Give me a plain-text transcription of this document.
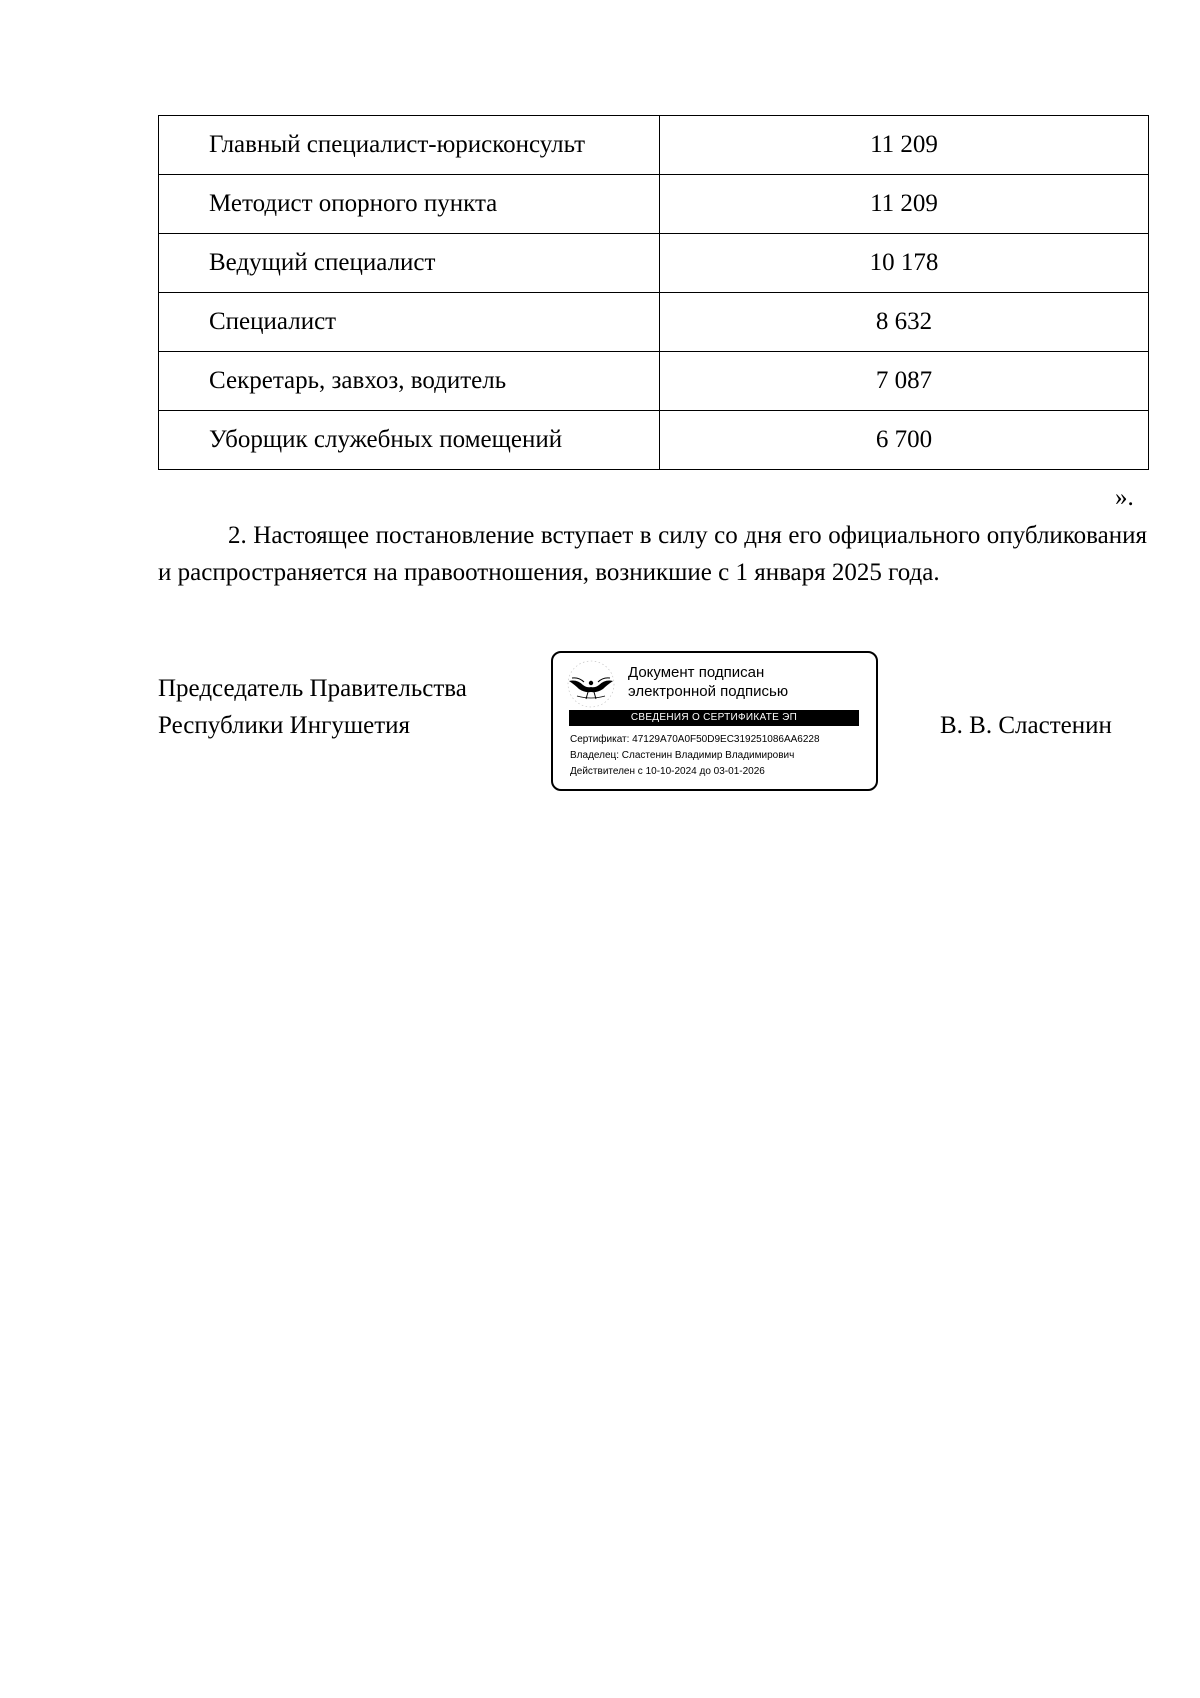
Главный специалист-юрисконсульт	11 209
Методист опорного пункта	11 209
Ведущий специалист	10 178
Специалист	8 632
Секретарь, завхоз, водитель	7 087
Уборщик служебных помещений	6 700
».

2. Настоящее постановление вступает в силу со дня его официального опубликования и распространяется на правоотношения, возникшие с 1 января 2025 года.

Председатель Правительства
Республики Ингушетия
Документ подписан
электронной подписью
СВЕДЕНИЯ О СЕРТИФИКАТЕ ЭП
Сертификат: 47129A70A0F50D9EC319251086AA6228
Владелец: Сластенин Владимир Владимирович
Действителен с 10-10-2024 до 03-01-2026
В. В. Сластенин
